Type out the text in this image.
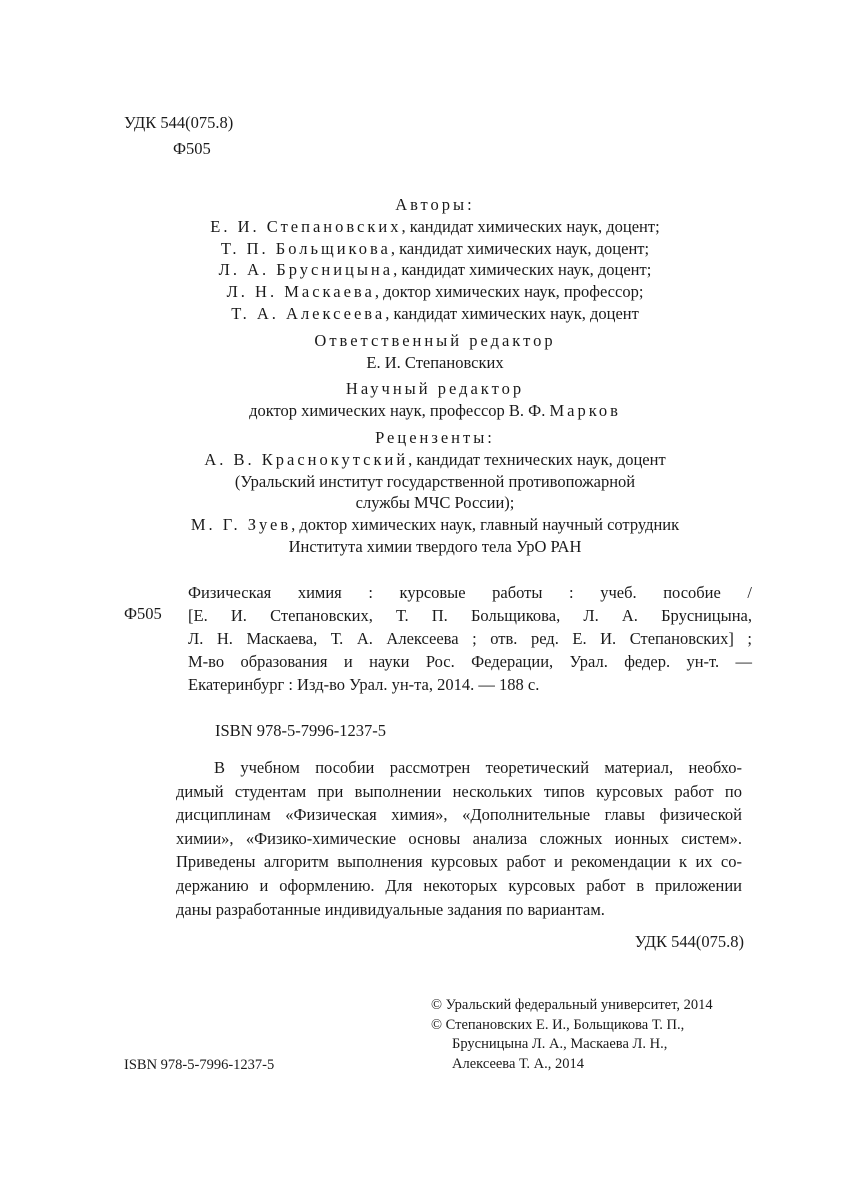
УДК 544(075.8)
Ф505
Авторы:
Е. И. Степановских, кандидат химических наук, доцент;
Т. П. Больщикова, кандидат химических наук, доцент;
Л. А. Брусницына, кандидат химических наук, доцент;
Л. Н. Маскаева, доктор химических наук, профессор;
Т. А. Алексеева, кандидат химических наук, доцент
Ответственный редактор
Е. И. Степановских
Научный редактор
доктор химических наук, профессор В. Ф. Марков
Рецензенты:
А. В. Краснокутский, кандидат технических наук, доцент
(Уральский институт государственной противопожарной
службы МЧС России);
М. Г. Зуев, доктор химических наук, главный научный сотрудник
Института химии твердого тела УрО РАН
Ф505
Физическая химия : курсовые работы : учеб. пособие /
[Е. И. Степановских, Т. П. Больщикова, Л. А. Брусницына,
Л. Н. Маскаева, Т. А. Алексеева ; отв. ред. Е. И. Степановских] ;
М-во образования и науки Рос. Федерации, Урал. федер. ун-т. —
Екатеринбург : Изд-во Урал. ун-та, 2014. — 188 с.
ISBN 978-5-7996-1237-5
В учебном пособии рассмотрен теоретический материал, необхо-
димый студентам при выполнении нескольких типов курсовых работ по
дисциплинам «Физическая химия», «Дополнительные главы физической
химии», «Физико-химические основы анализа сложных ионных систем».
Приведены алгоритм выполнения курсовых работ и рекомендации к их со-
держанию и оформлению. Для некоторых курсовых работ в приложении
даны разработанные индивидуальные задания по вариантам.
УДК 544(075.8)
© Уральский федеральный университет, 2014
© Степановских Е. И., Больщикова Т. П.,
Брусницына Л. А., Маскаева Л. Н.,
Алексеева Т. А., 2014
ISBN 978-5-7996-1237-5
